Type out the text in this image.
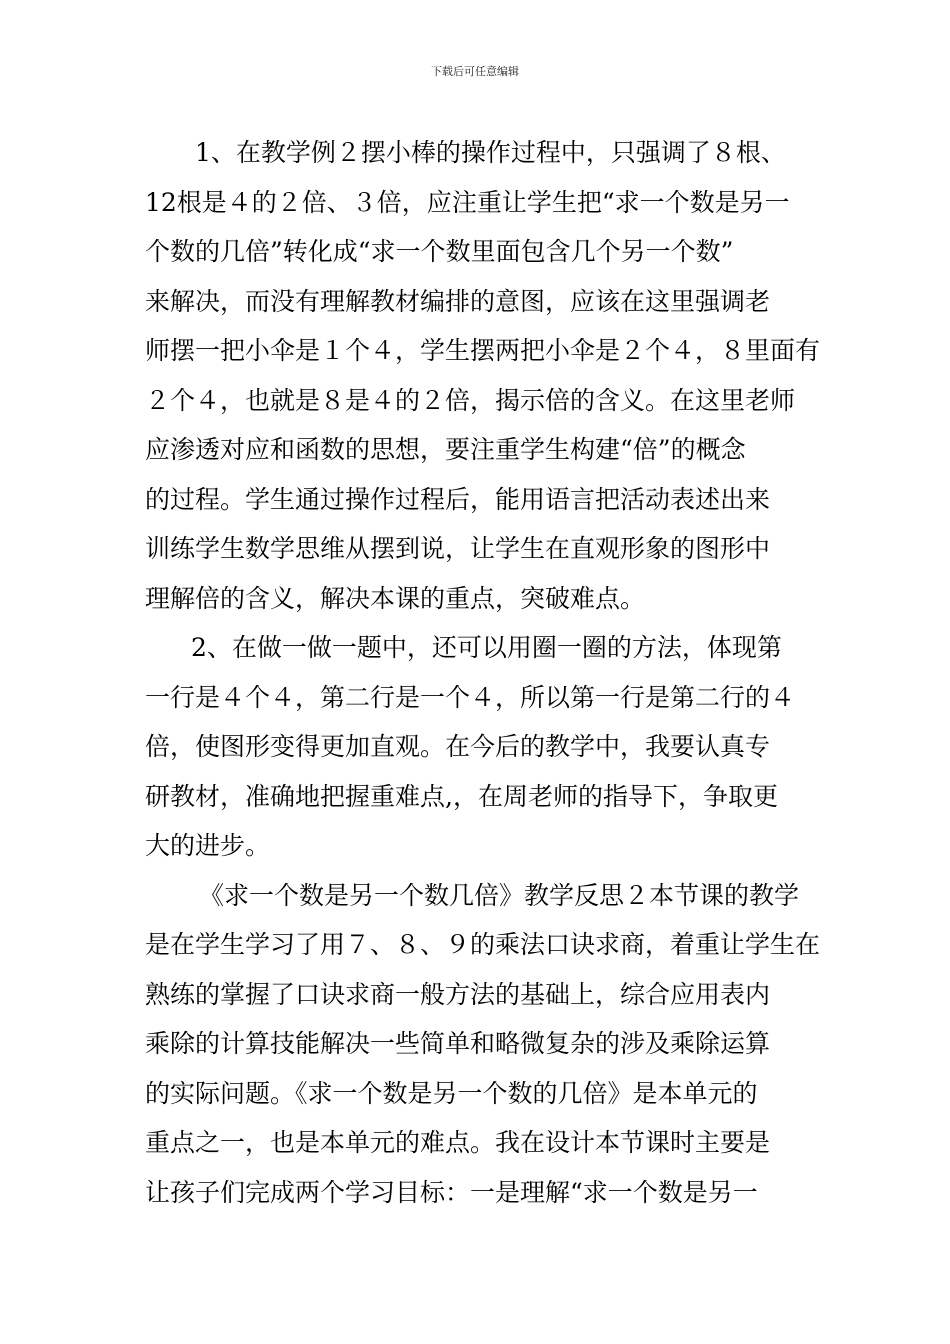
下载后可任意编辑
1、在教学例２摆小棒的操作过程中，只强调了８根、
12根是４的２倍、３倍，应注重让学生把“求一个数是另一
个数的几倍”转化成“求一个数里面包含几个另一个数”
来解决，而没有理解教材编排的意图，应该在这里强调老
师摆一把小伞是１个４，学生摆两把小伞是２个４，８里面有
２个４，也就是８是４的２倍，揭示倍的含义。在这里老师
应渗透对应和函数的思想，要注重学生构建“倍”的概念
的过程。学生通过操作过程后，能用语言把活动表述出来
训练学生数学思维从摆到说，让学生在直观形象的图形中
理解倍的含义，解决本课的重点，突破难点。
2、在做一做一题中，还可以用圈一圈的方法，体现第
一行是４个４，第二行是一个４，所以第一行是第二行的４
倍，使图形变得更加直观。在今后的教学中，我要认真专
研教材，准确地把握重难点,，在周老师的指导下，争取更
大的进步。
《求一个数是另一个数几倍》教学反思２本节课的教学
是在学生学习了用７、８、９的乘法口诀求商，着重让学生在
熟练的掌握了口诀求商一般方法的基础上，综合应用表内
乘除的计算技能解决一些简单和略微复杂的涉及乘除运算
的实际问题。《求一个数是另一个数的几倍》是本单元的
重点之一，也是本单元的难点。我在设计本节课时主要是
让孩子们完成两个学习目标：一是理解“求一个数是另一
